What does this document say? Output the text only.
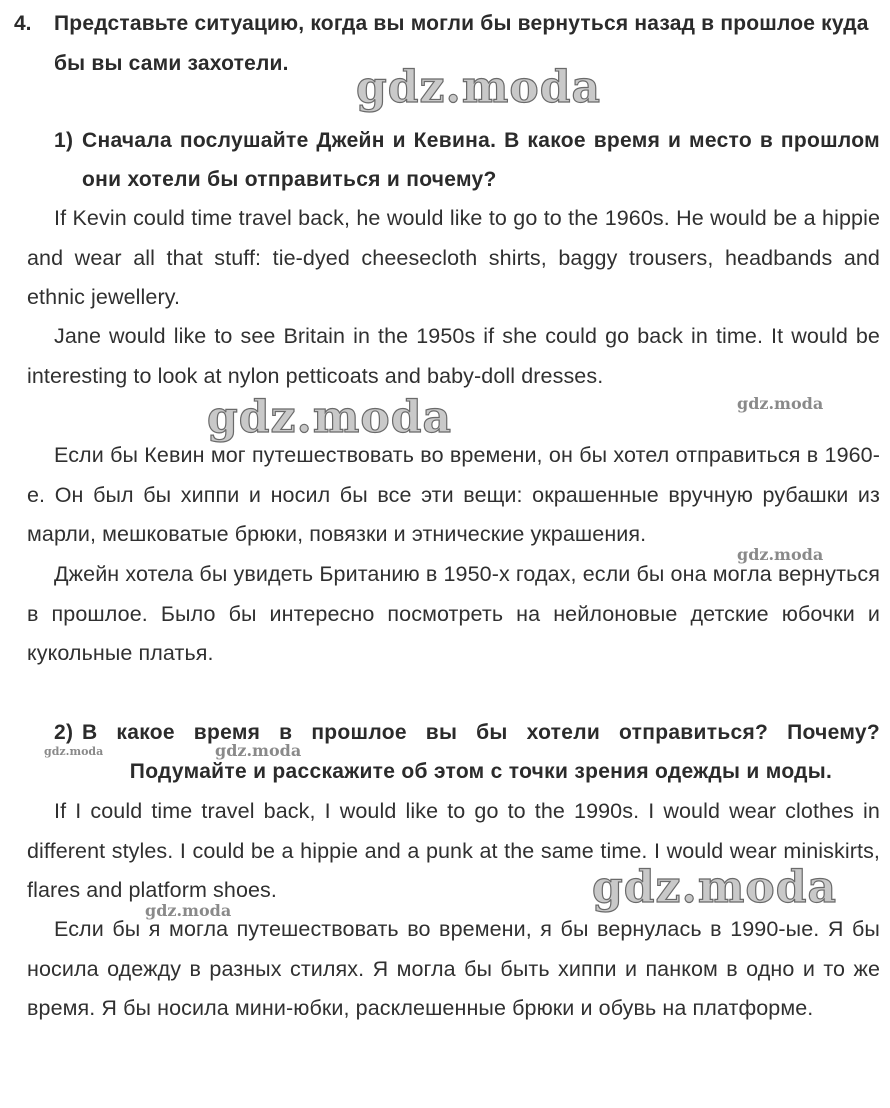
4. Представьте ситуацию, когда вы могли бы вернуться назад в прошлое куда бы вы сами захотели.
1) Сначала послушайте Джейн и Кевина. В какое время и место в прошлом они хотели бы отправиться и почему?
If Kevin could time travel back, he would like to go to the 1960s. He would be a hippie and wear all that stuff: tie-dyed cheesecloth shirts, baggy trousers, headbands and ethnic jewellery.
Jane would like to see Britain in the 1950s if she could go back in time. It would be interesting to look at nylon petticoats and baby-doll dresses.
Если бы Кевин мог путешествовать во времени, он бы хотел отправиться в 1960-е. Он был бы хиппи и носил бы все эти вещи: окрашенные вручную рубашки из марли, мешковатые брюки, повязки и этнические украшения.
Джейн хотела бы увидеть Британию в 1950-х годах, если бы она могла вернуться в прошлое. Было бы интересно посмотреть на нейлоновые детские юбочки и кукольные платья.
2) В какое время в прошлое вы бы хотели отправиться? Почему?
Подумайте и расскажите об этом с точки зрения одежды и моды.
If I could time travel back, I would like to go to the 1990s. I would wear clothes in different styles. I could be a hippie and a punk at the same time. I would wear miniskirts, flares and platform shoes.
Если бы я могла путешествовать во времени, я бы вернулась в 1990-ые. Я бы носила одежду в разных стилях. Я могла бы быть хиппи и панком в одно и то же время. Я бы носила мини-юбки, расклешенные брюки и обувь на платформе.
gdz.moda
gdz.moda	gdz.moda
gdz.moda
gdz.moda	gdz.moda
gdz.moda
gdz.moda
